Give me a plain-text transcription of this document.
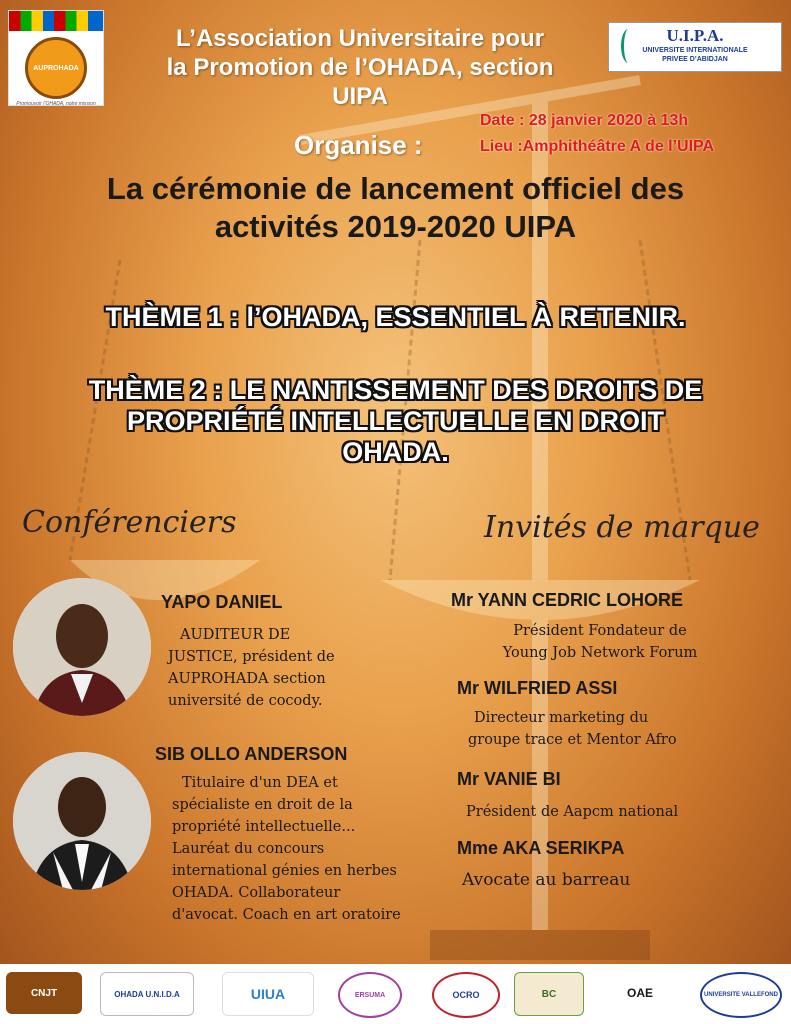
AUPROHADA
Promouvoir l’OHADA, notre mission
U.I.P.A.
UNIVERSITE INTERNATIONALE
PRIVEE D’ABIDJAN
L’Association Universitaire pour
la Promotion de l’OHADA, section
UIPA
Date : 28 janvier 2020 à 13h
Lieu :Amphithéâtre A de l’UIPA
Organise :
La cérémonie de lancement officiel des
activités 2019-2020 UIPA
THÈME 1 : l’OHADA, ESSENTIEL À RETENIR.
THÈME 2 : LE NANTISSEMENT DES DROITS DE
PROPRIÉTÉ INTELLECTUELLE EN DROIT
OHADA.
Conférenciers	Invités de marque
YAPO DANIEL
AUDITEUR DE
JUSTICE, président de
AUPROHADA section
université de cocody.
SIB OLLO ANDERSON
Titulaire d'un DEA et
spécialiste en droit de la
propriété intellectuelle...
Lauréat du concours
international génies en herbes
OHADA. Collaborateur
d'avocat. Coach en art oratoire
Mr YANN CEDRIC LOHORE
Président Fondateur de
Young Job Network Forum
Mr WILFRIED ASSI
Directeur marketing du
groupe trace et Mentor Afro
Mr VANIE BI
Président de Aapcm national
Mme AKA SERIKPA
Avocate au barreau
CNJT	OHADA U.N.I.D.A	UIUA	ERSUMA	OCRO	BC	OAE	UNIVERSITE VALLEFOND
